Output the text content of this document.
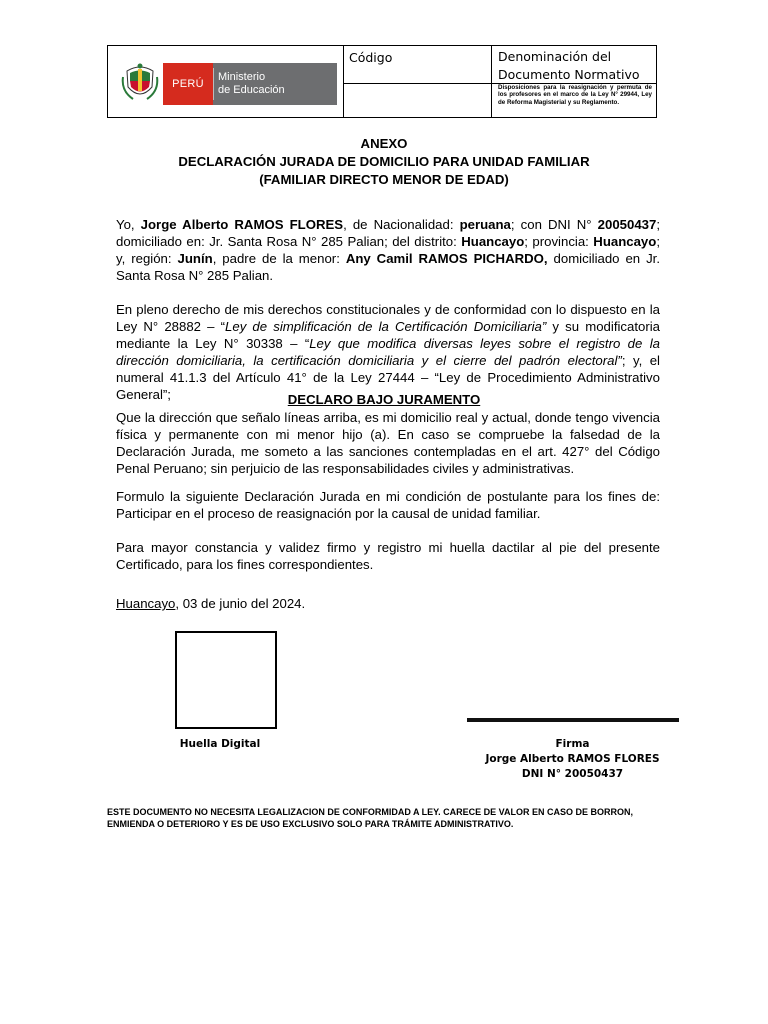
PERÚ
Ministerio
de Educación
Código	Denominación del Documento Normativo
Disposiciones para la reasignación y permuta de los profesores en el marco de la Ley N° 29944, Ley de Reforma Magisterial y su Reglamento.
ANEXO
DECLARACIÓN JURADA DE DOMICILIO PARA UNIDAD FAMILIAR
(FAMILIAR DIRECTO MENOR DE EDAD)
Yo, Jorge Alberto RAMOS FLORES, de Nacionalidad: peruana; con DNI N° 20050437; domiciliado en: Jr. Santa Rosa N° 285 Palian; del distrito: Huancayo; provincia: Huancayo; y, región: Junín, padre de la menor: Any Camil RAMOS PICHARDO, domiciliado en Jr. Santa Rosa N° 285 Palian.
En pleno derecho de mis derechos constitucionales y de conformidad con lo dispuesto en la Ley N° 28882 – “Ley de simplificación de la Certificación Domiciliaria” y su modificatoria mediante la Ley N° 30338 – “Ley que modifica diversas leyes sobre el registro de la dirección domiciliaria, la certificación domiciliaria y el cierre del padrón electoral”; y, el numeral 41.1.3 del Artículo 41° de la Ley 27444 – “Ley de Procedimiento Administrativo General”;	DECLARO BAJO JURAMENTO
Que la dirección que señalo líneas arriba, es mi domicilio real y actual, donde tengo vivencia física y permanente con mi menor hijo (a). En caso se compruebe la falsedad de la Declaración Jurada, me someto a las sanciones contempladas en el art. 427° del Código Penal Peruano; sin perjuicio de las responsabilidades civiles y administrativas.
Formulo la siguiente Declaración Jurada en mi condición de postulante para los fines de: Participar en el proceso de reasignación por la causal de unidad familiar.
Para mayor constancia y validez firmo y registro mi huella dactilar al pie del presente Certificado, para los fines correspondientes.
Huancayo, 03 de junio del 2024.
Huella Digital	Firma
Jorge Alberto RAMOS FLORES
DNI N° 20050437
ESTE DOCUMENTO NO NECESITA LEGALIZACION DE CONFORMIDAD A LEY. CARECE DE VALOR EN CASO DE BORRON, ENMIENDA O DETERIORO Y ES DE USO EXCLUSIVO SOLO PARA TRÁMITE ADMINISTRATIVO.
